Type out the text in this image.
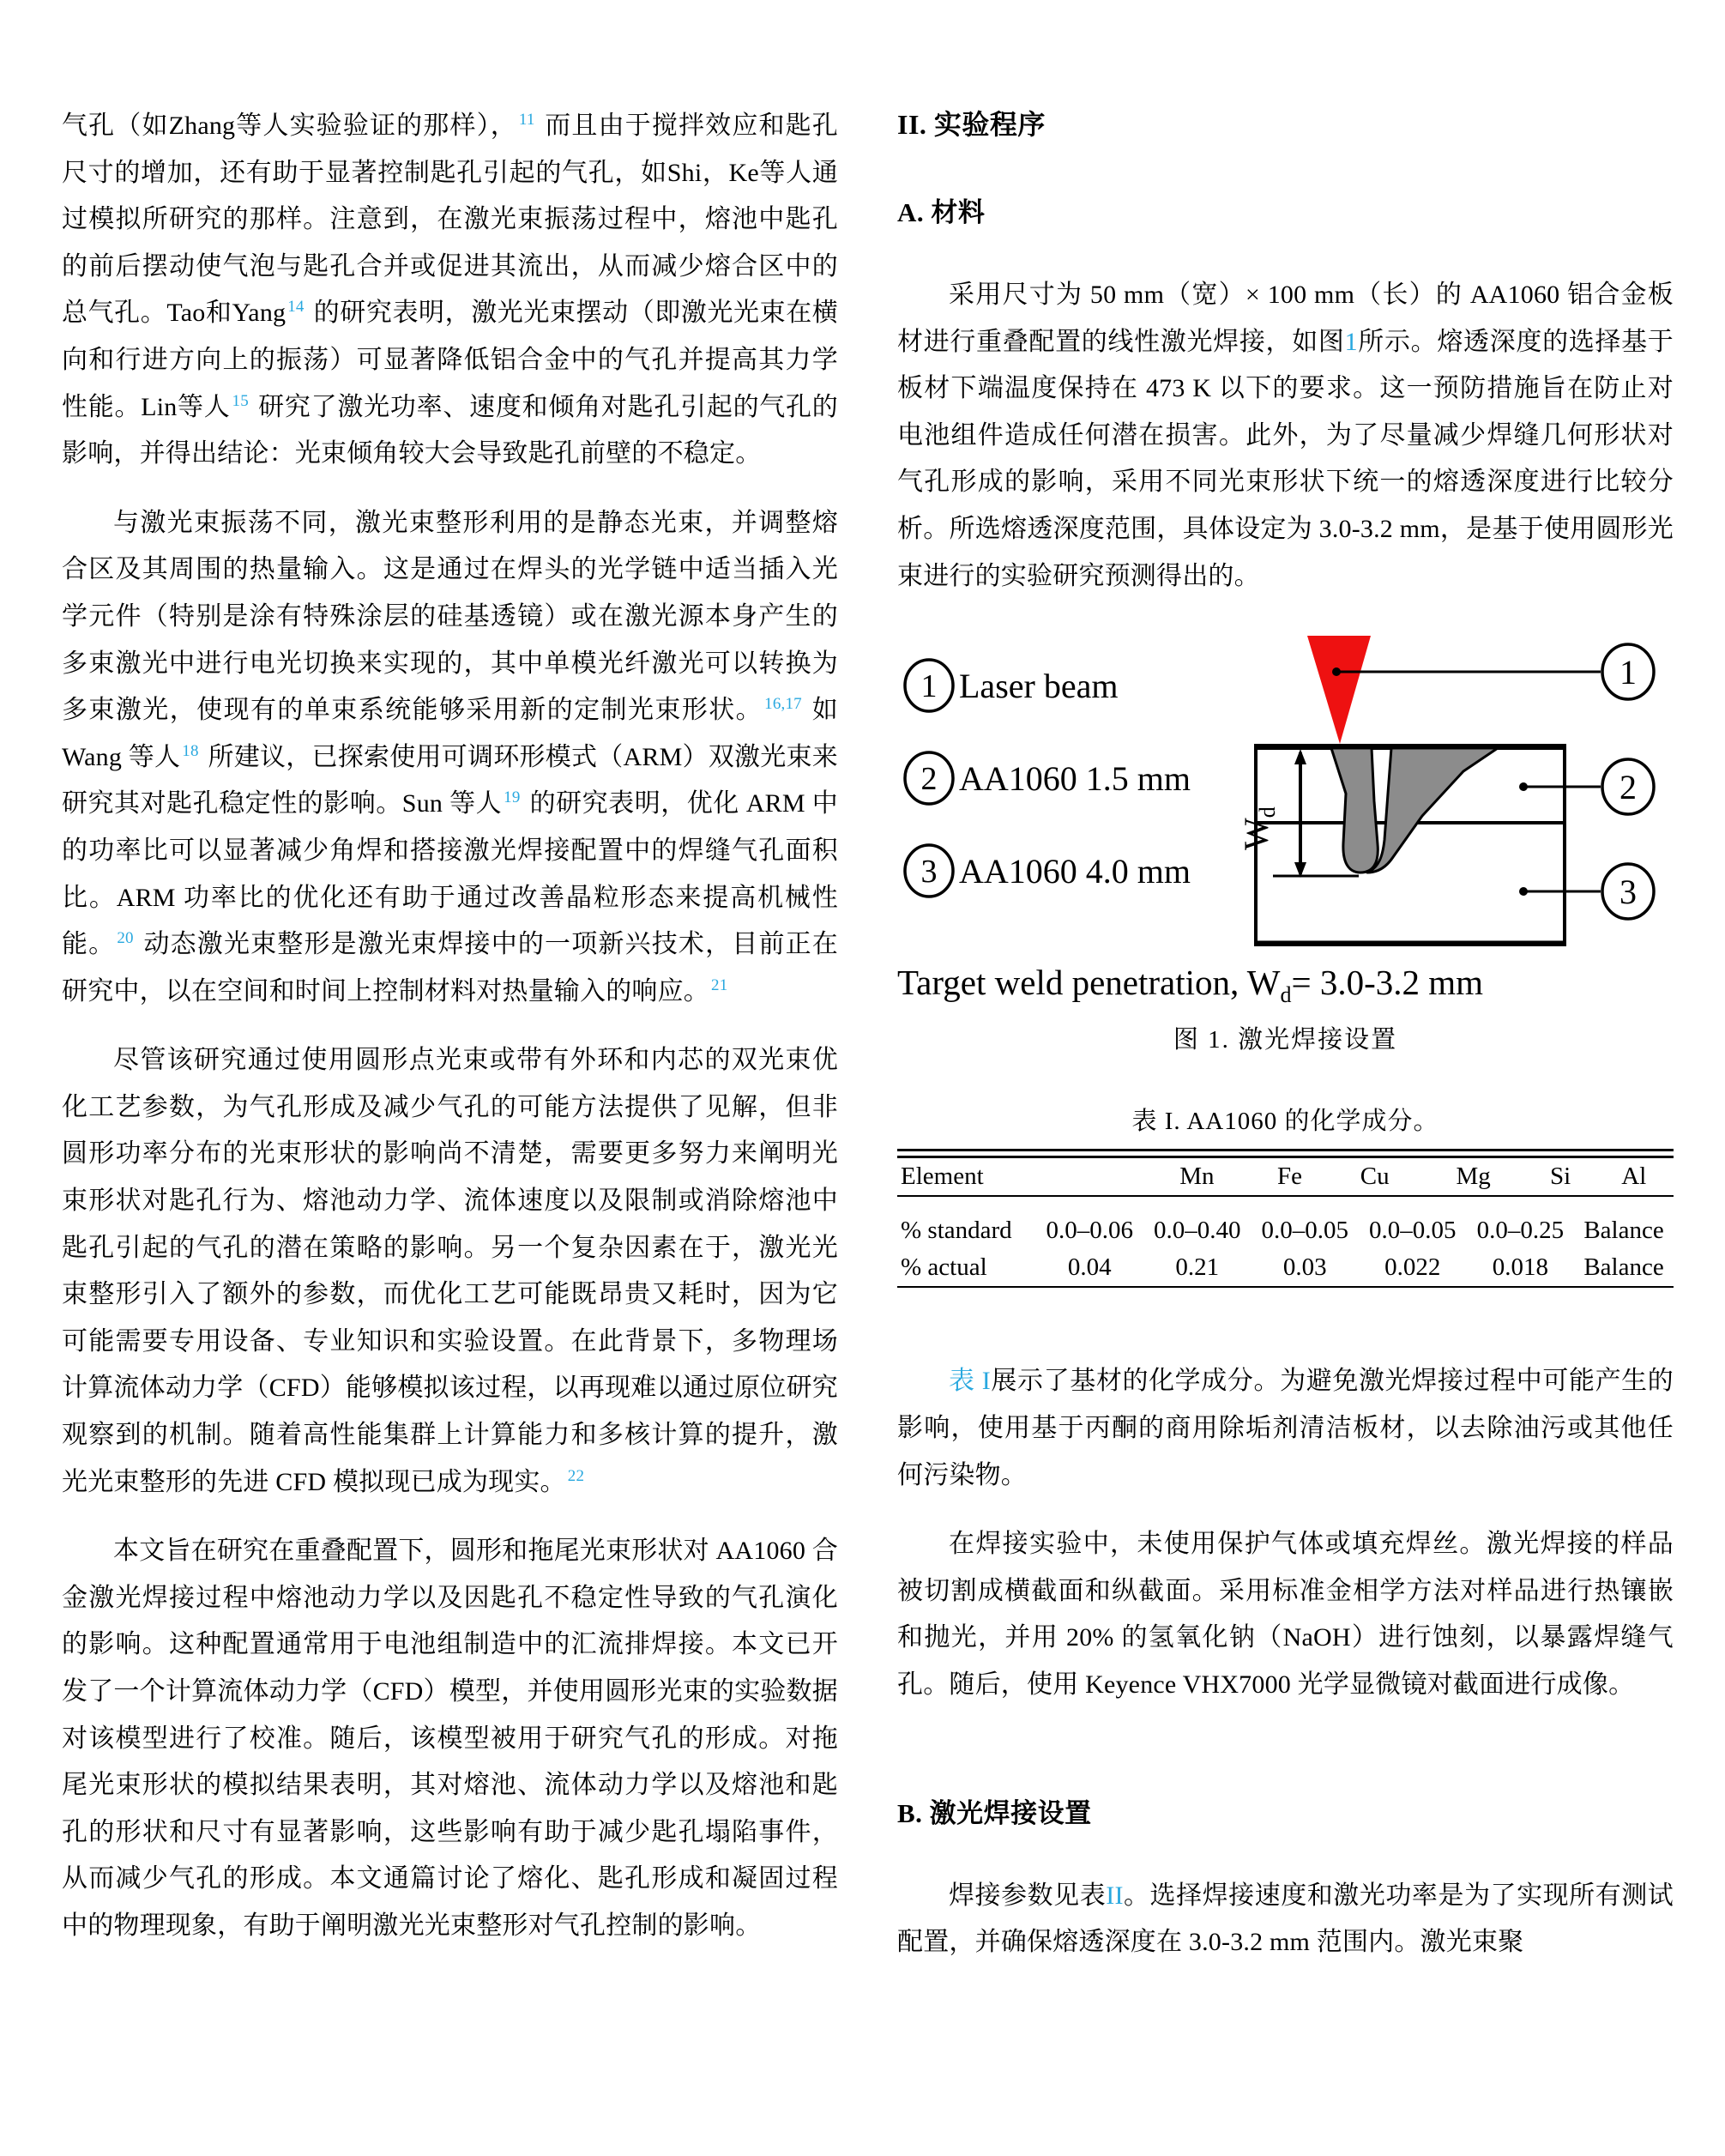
气孔（如Zhang等人实验验证的那样）， $^{11}$ 而且由于搅拌效应和匙孔尺寸的增加，还有助于显著控制匙孔引起的气孔，如Shi，Ke等人通过模拟所研究的那样。注意到，在激光束振荡过程中，熔池中匙孔的前后摆动使气泡与匙孔合并或促进其流出，从而减少熔合区中的总气孔。Tao和Yang $^{14}$ 的研究表明，激光光束摆动（即激光光束在横向和行进方向上的振荡）可显著降低铝合金中的气孔并提高其力学性能。Lin等人 $^{15}$ 研究了激光功率、速度和倾角对匙孔引起的气孔的影响，并得出结论：光束倾角较大会导致匙孔前壁的不稳定。

与激光束振荡不同，激光束整形利用的是静态光束，并调整熔合区及其周围的热量输入。这是通过在焊头的光学链中适当插入光学元件（特别是涂有特殊涂层的硅基透镜）或在激光源本身产生的多束激光中进行电光切换来实现的，其中单模光纤激光可以转换为多束激光，使现有的单束系统能够采用新的定制光束形状。 $^{16,17}$ 如 Wang 等人 $^{18}$ 所建议，已探索使用可调环形模式（ARM）双激光束来研究其对匙孔稳定性的影响。Sun 等人 $^{19}$ 的研究表明，优化 ARM 中的功率比可以显著减少角焊和搭接激光焊接配置中的焊缝气孔面积比。ARM 功率比的优化还有助于通过改善晶粒形态来提高机械性能。 $^{20}$ 动态激光束整形是激光束焊接中的一项新兴技术，目前正在研究中，以在空间和时间上控制材料对热量输入的响应。 $^{21}$

尽管该研究通过使用圆形点光束或带有外环和内芯的双光束优化工艺参数，为气孔形成及减少气孔的可能方法提供了见解，但非圆形功率分布的光束形状的影响尚不清楚，需要更多努力来阐明光束形状对匙孔行为、熔池动力学、流体速度以及限制或消除熔池中匙孔引起的气孔的潜在策略的影响。另一个复杂因素在于，激光光束整形引入了额外的参数，而优化工艺可能既昂贵又耗时，因为它可能需要专用设备、专业知识和实验设置。在此背景下，多物理场计算流体动力学（CFD）能够模拟该过程，以再现难以通过原位研究观察到的机制。随着高性能集群上计算能力和多核计算的提升，激光光束整形的先进 CFD 模拟现已成为现实。 $^{22}$

本文旨在研究在重叠配置下，圆形和拖尾光束形状对 AA1060 合金激光焊接过程中熔池动力学以及因匙孔不稳定性导致的气孔演化的影响。这种配置通常用于电池组制造中的汇流排焊接。本文已开发了一个计算流体动力学（CFD）模型，并使用圆形光束的实验数据对该模型进行了校准。随后，该模型被用于研究气孔的形成。对拖尾光束形状的模拟结果表明，其对熔池、流体动力学以及熔池和匙孔的形状和尺寸有显著影响，这些影响有助于减少匙孔塌陷事件，从而减少气孔的形成。本文通篇讨论了熔化、匙孔形成和凝固过程中的物理现象，有助于阐明激光光束整形对气孔控制的影响。

II. 实验程序
A. 材料

采用尺寸为 50 mm（宽）× 100 mm（长）的 AA1060 铝合金板材进行重叠配置的线性激光焊接，如图1所示。熔透深度的选择基于板材下端温度保持在 473 K 以下的要求。这一预防措施旨在防止对电池组件造成任何潜在损害。此外，为了尽量减少焊缝几何形状对气孔形成的影响，采用不同光束形状下统一的熔透深度进行比较分析。所选熔透深度范围，具体设定为 3.0-3.2 mm，是基于使用圆形光束进行的实验研究预测得出的。

1 Laser beam
2 AA1060 1.5 mm
3 AA1060 4.0 mm
$W_d$
1
2
3
Target weld penetration, $W_d= 3.0-3.2$ mm
图 1. 激光焊接设置
表 I. AA1060 的化学成分。
Element	Mn	Fe	Cu	Mg	Si	Al
% standard	0.0–0.06	0.0–0.40	0.0–0.05	0.0–0.05	0.0–0.25	Balance
% actual	0.04	0.21	0.03	0.022	0.018	Balance

表 I展示了基材的化学成分。为避免激光焊接过程中可能产生的影响，使用基于丙酮的商用除垢剂清洁板材，以去除油污或其他任何污染物。

在焊接实验中，未使用保护气体或填充焊丝。激光焊接的样品被切割成横截面和纵截面。采用标准金相学方法对样品进行热镶嵌和抛光，并用 20% 的氢氧化钠（NaOH）进行蚀刻，以暴露焊缝气孔。随后，使用 Keyence VHX7000 光学显微镜对截面进行成像。

B. 激光焊接设置

焊接参数见表II。选择焊接速度和激光功率是为了实现所有测试配置，并确保熔透深度在 3.0-3.2 mm 范围内。激光束聚
